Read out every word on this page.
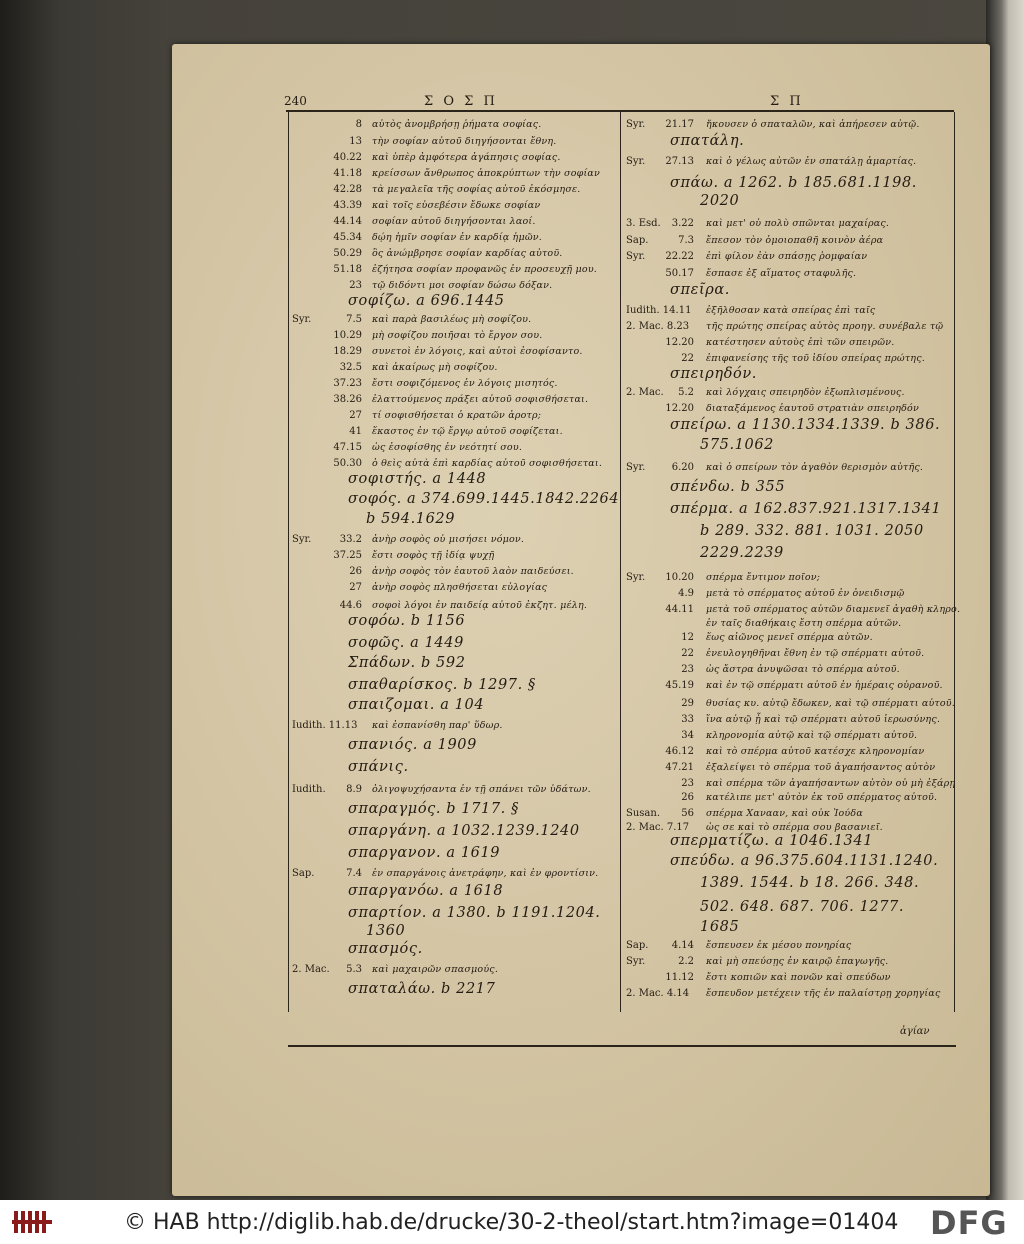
240	Σ Ο Σ Π	Σ Π
8 αὐτὸς ἀνομβρήσῃ ῥήματα σοφίας.
13 τὴν σοφίαν αὐτοῦ διηγήσονται ἔθνη.
40.22 καὶ ὑπὲρ ἀμφότερα ἀγάπησις σοφίας.
41.18 κρείσσων ἄνθρωπος ἀποκρύπτων τὴν σοφίαν
42.28 τὰ μεγαλεῖα τῆς σοφίας αὐτοῦ ἐκόσμησε.
43.39 καὶ τοῖς εὐσεβέσιν ἔδωκε σοφίαν
44.14 σοφίαν αὐτοῦ διηγήσονται λαοί.
45.34 δῴη ἡμῖν σοφίαν ἐν καρδίᾳ ἡμῶν.
50.29 ὃς ἀνώμβρησε σοφίαν καρδίας αὐτοῦ.
51.18 ἐζήτησα σοφίαν προφανῶς ἐν προσευχῇ μου.
23 τῷ διδόντι μοι σοφίαν δώσω δόξαν.
σοφίζω. a 696.1445
Syr.	7.5 καὶ παρὰ βασιλέως μὴ σοφίζου.
10.29 μὴ σοφίζου ποιῆσαι τὸ ἔργον σου.
18.29 συνετοὶ ἐν λόγοις, καὶ αὐτοὶ ἐσοφίσαντο.
32.5 καὶ ἀκαίρως μὴ σοφίζου.
37.23 ἔστι σοφιζόμενος ἐν λόγοις μισητός.
38.26 ἐλαττούμενος πράξει αὐτοῦ σοφισθήσεται.
27 τί σοφισθήσεται ὁ κρατῶν ἀροτρ;
41 ἕκαστος ἐν τῷ ἔργῳ αὐτοῦ σοφίζεται.
47.15 ὡς ἐσοφίσθης ἐν νεότητί σου.
50.30 ὁ θεὶς αὐτὰ ἐπὶ καρδίας αὐτοῦ σοφισθήσεται.
σοφιστής. a 1448
σοφός. a 374.699.1445.1842.2264
b 594.1629
Syr.	33.2 ἀνὴρ σοφὸς οὐ μισήσει νόμον.
37.25 ἔστι σοφὸς τῇ ἰδίᾳ ψυχῇ
26 ἀνὴρ σοφὸς τὸν ἑαυτοῦ λαὸν παιδεύσει.
27 ἀνὴρ σοφὸς πλησθήσεται εὐλογίας
44.6 σοφοὶ λόγοι ἐν παιδείᾳ αὐτοῦ ἐκζητ. μέλη.
σοφόω. b 1156
σοφῶς. a 1449
Σπάδων. b 592
σπαθαρίσκος. b 1297. §
σπαιζομαι. a 104
Iudith. 11.13 καὶ ἐσπανίσθη παρ' ὕδωρ.
σπανιός. a 1909
σπάνις.
Iudith.	8.9 ὀλιγοψυχήσαντα ἐν τῇ σπάνει τῶν ὑδάτων.
σπαραγμός. b 1717. §
σπαργάνη. a 1032.1239.1240
σπαργανον. a 1619
Sap.	7.4 ἐν σπαργάνοις ἀνετράφην, καὶ ἐν φροντίσιν.
σπαργανόω. a 1618
σπαρτίον. a 1380. b 1191.1204.
1360
σπασμός.
2. Mac.	5.3 καὶ μαχαιρῶν σπασμούς.
σπαταλάω. b 2217
Syr.	21.17 ἤκουσεν ὁ σπαταλῶν, καὶ ἀπήρεσεν αὐτῷ.
σπατάλη.
Syr.	27.13 καὶ ὁ γέλως αὐτῶν ἐν σπατάλῃ ἁμαρτίας.
σπάω. a 1262. b 185.681.1198.
2020
3. Esd.	3.22 καὶ μετ' οὐ πολὺ σπῶνται μαχαίρας.
Sap.	7.3 ἔπεσον τὸν ὁμοιοπαθῆ κοινὸν ἀέρα
Syr.	22.22 ἐπὶ φίλον ἐὰν σπάσῃς ῥομφαίαν
50.17 ἔσπασε ἐξ αἵματος σταφυλῆς.
σπεῖρα.
Iudith. 14.11 ἐξῆλθοσαν κατὰ σπείρας ἐπὶ ταῖς
2. Mac. 8.23 τῆς πρώτης σπείρας αὐτὸς προηγ. συνέβαλε τῷ
12.20 κατέστησεν αὐτοὺς ἐπὶ τῶν σπειρῶν.
22 ἐπιφανείσης τῆς τοῦ ἰδίου σπείρας πρώτης.
σπειρηδόν.
2. Mac.	5.2 καὶ λόγχαις σπειρηδὸν ἐξωπλισμένους.
12.20 διαταξάμενος ἑαυτοῦ στρατιὰν σπειρηδόν
σπείρω. a 1130.1334.1339. b 386.
575.1062
Syr.	6.20 καὶ ὁ σπείρων τὸν ἀγαθὸν θερισμὸν αὐτῆς.
σπένδω. b 355
σπέρμα. a 162.837.921.1317.1341
b 289. 332. 881. 1031. 2050
2229.2239
Syr.	10.20 σπέρμα ἔντιμον ποῖον;
4.9 μετὰ τὸ σπέρματος αὐτοῦ ἐν ὀνειδισμῷ
44.11 μετὰ τοῦ σπέρματος αὐτῶν διαμενεῖ ἀγαθὴ κληρο.
ἐν ταῖς διαθήκαις ἔστη σπέρμα αὐτῶν.
12 ἕως αἰῶνος μενεῖ σπέρμα αὐτῶν.
22 ἐνευλογηθῆναι ἔθνη ἐν τῷ σπέρματι αὐτοῦ.
23 ὡς ἄστρα ἀνυψῶσαι τὸ σπέρμα αὐτοῦ.
45.19 καὶ ἐν τῷ σπέρματι αὐτοῦ ἐν ἡμέραις οὐρανοῦ.
29 θυσίας κυ. αὐτῷ ἔδωκεν, καὶ τῷ σπέρματι αὐτοῦ.
33 ἵνα αὐτῷ ᾖ καὶ τῷ σπέρματι αὐτοῦ ἱερωσύνης.
34 κληρονομία αὐτῷ καὶ τῷ σπέρματι αὐτοῦ.
46.12 καὶ τὸ σπέρμα αὐτοῦ κατέσχε κληρονομίαν
47.21 ἐξαλείψει τὸ σπέρμα τοῦ ἀγαπήσαντος αὐτὸν
23 καὶ σπέρμα τῶν ἀγαπήσαντων αὐτὸν οὐ μὴ ἐξάρῃ
26 κατέλιπε μετ' αὐτὸν ἐκ τοῦ σπέρματος αὐτοῦ.
Susan.	56 σπέρμα Χανααν, καὶ οὐκ Ἰούδα
2. Mac. 7.17 ὡς σε καὶ τὸ σπέρμα σου βασανιεῖ.
σπερματίζω. a 1046.1341
σπεύδω. a 96.375.604.1131.1240.
1389. 1544. b 18. 266. 348.
502. 648. 687. 706. 1277.
1685
Sap.	4.14 ἔσπευσεν ἐκ μέσου πονηρίας
Syr.	2.2 καὶ μὴ σπεύσῃς ἐν καιρῷ ἐπαγωγῆς.
11.12 ἔστι κοπιῶν καὶ πονῶν καὶ σπεύδων
2. Mac. 4.14 ἔσπευδον μετέχειν τῆς ἐν παλαίστρῃ χορηγίας
ἀγίαν
© HAB http://diglib.hab.de/drucke/30-2-theol/start.htm?image=01404 DFG
